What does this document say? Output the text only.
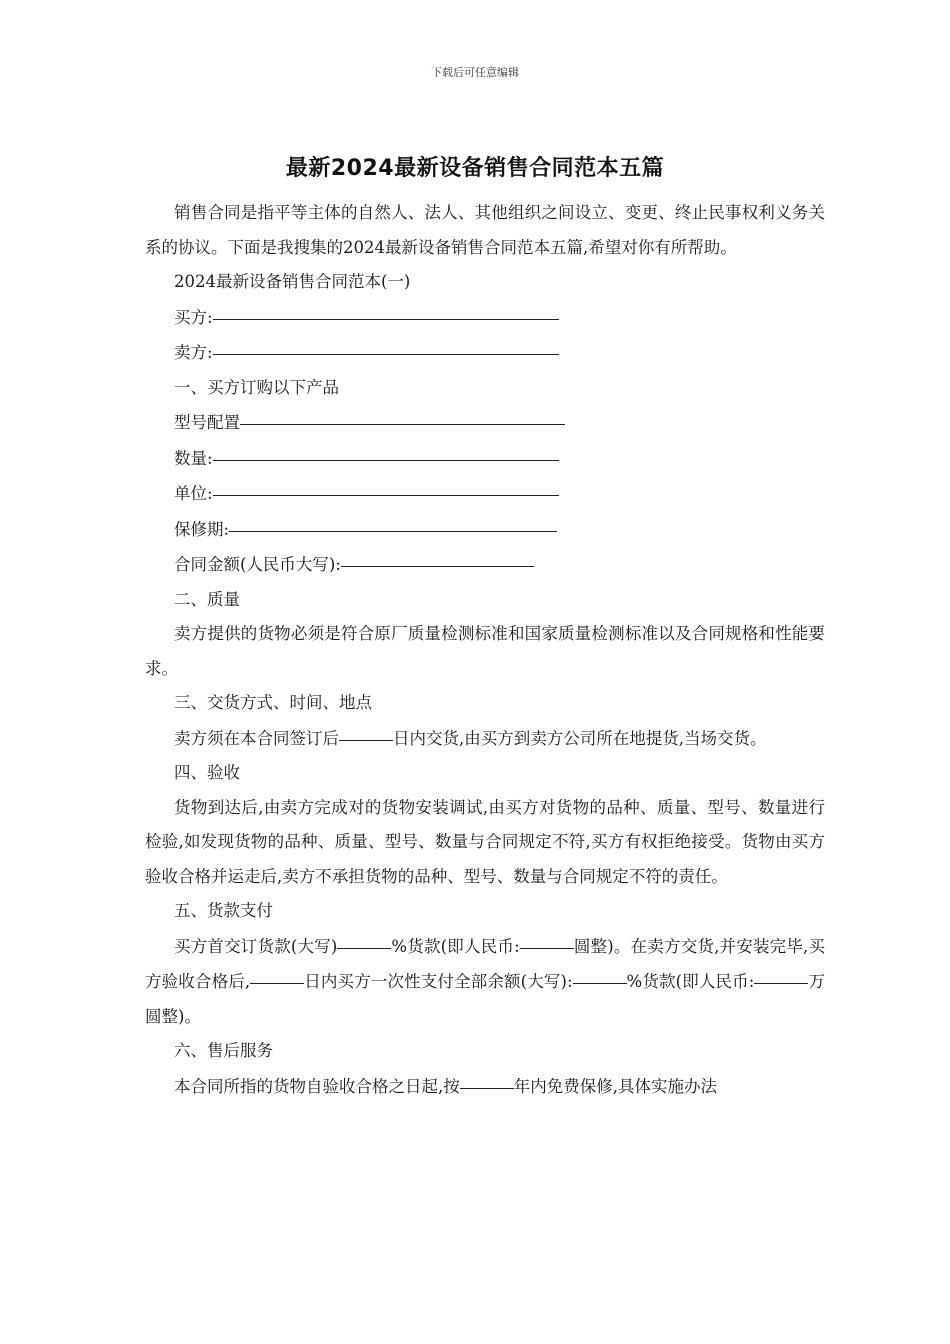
下载后可任意编辑
最新2024最新设备销售合同范本五篇

销售合同是指平等主体的自然人、法人、其他组织之间设立、变更、终止民事权利义务关系的协议。下面是我搜集的2024最新设备销售合同范本五篇,希望对你有所帮助。

2024最新设备销售合同范本(一)

买方:

卖方:

一、买方订购以下产品

型号配置

数量:

单位:

保修期:

合同金额(人民币大写):

二、质量

卖方提供的货物必须是符合原厂质量检测标准和国家质量检测标准以及合同规格和性能要求。

三、交货方式、时间、地点

卖方须在本合同签订后	日内交货,由买方到卖方公司所在地提货,当场交货。

四、验收

货物到达后,由卖方完成对的货物安装调试,由买方对货物的品种、质量、型号、数量进行检验,如发现货物的品种、质量、型号、数量与合同规定不符,买方有权拒绝接受。货物由买方验收合格并运走后,卖方不承担货物的品种、型号、数量与合同规定不符的责任。

五、货款支付

买方首交订货款(大写)	%货款(即人民币:	圆整)。在卖方交货,并安装完毕,买方验收合格后,	日内买方一次性支付全部余额(大写):	%货款(即人民币:	万圆整)。

六、售后服务

本合同所指的货物自验收合格之日起,按	年内免费保修,具体实施办法
